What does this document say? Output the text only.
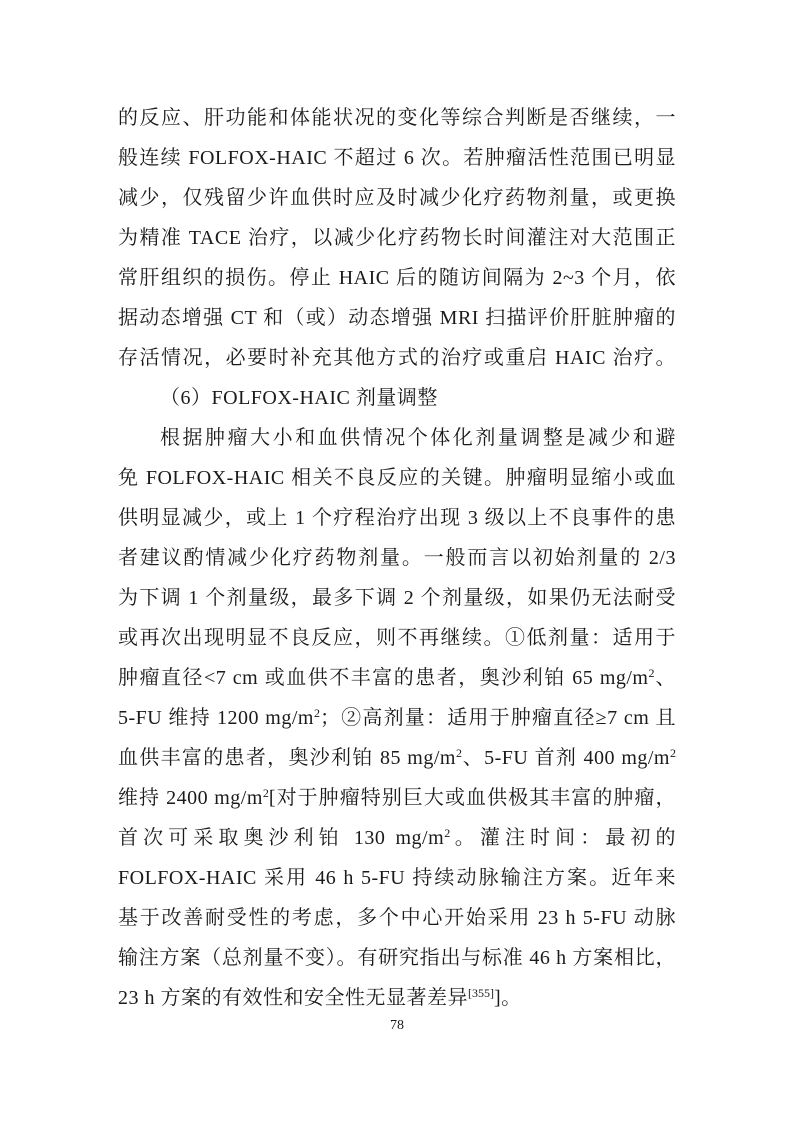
的反应、肝功能和体能状况的变化等综合判断是否继续，一
般连续 FOLFOX-HAIC 不超过 6 次。若肿瘤活性范围已明显
减少，仅残留少许血供时应及时减少化疗药物剂量，或更换
为精准 TACE 治疗，以减少化疗药物长时间灌注对大范围正
常肝组织的损伤。停止 HAIC 后的随访间隔为 2~3 个月，依
据动态增强 CT 和（或）动态增强 MRI 扫描评价肝脏肿瘤的
存活情况，必要时补充其他方式的治疗或重启 HAIC 治疗。
（6）FOLFOX-HAIC 剂量调整
根据肿瘤大小和血供情况个体化剂量调整是减少和避
免 FOLFOX-HAIC 相关不良反应的关键。肿瘤明显缩小或血
供明显减少，或上 1 个疗程治疗出现 3 级以上不良事件的患
者建议酌情减少化疗药物剂量。一般而言以初始剂量的 2/3
为下调 1 个剂量级，最多下调 2 个剂量级，如果仍无法耐受
或再次出现明显不良反应，则不再继续。①低剂量：适用于
肿瘤直径<7 cm 或血供不丰富的患者，奥沙利铂 65 $mg/m^2$、
5-FU 维持 1200 $mg/m^2$；②高剂量：适用于肿瘤直径≥7 cm 且
血供丰富的患者，奥沙利铂 85 $mg/m^2$、5-FU 首剂 400 $mg/m^2$
维持 2400 $mg/m^2$[对于肿瘤特别巨大或血供极其丰富的肿瘤，
首次可采取奥沙利铂 130 $mg/m^2$。灌注时间：最初的
FOLFOX-HAIC 采用 46 h 5-FU 持续动脉输注方案。近年来
基于改善耐受性的考虑，多个中心开始采用 23 h 5-FU 动脉
输注方案（总剂量不变）。有研究指出与标准 46 h 方案相比，
23 h 方案的有效性和安全性无显著差异[355]]。
78
